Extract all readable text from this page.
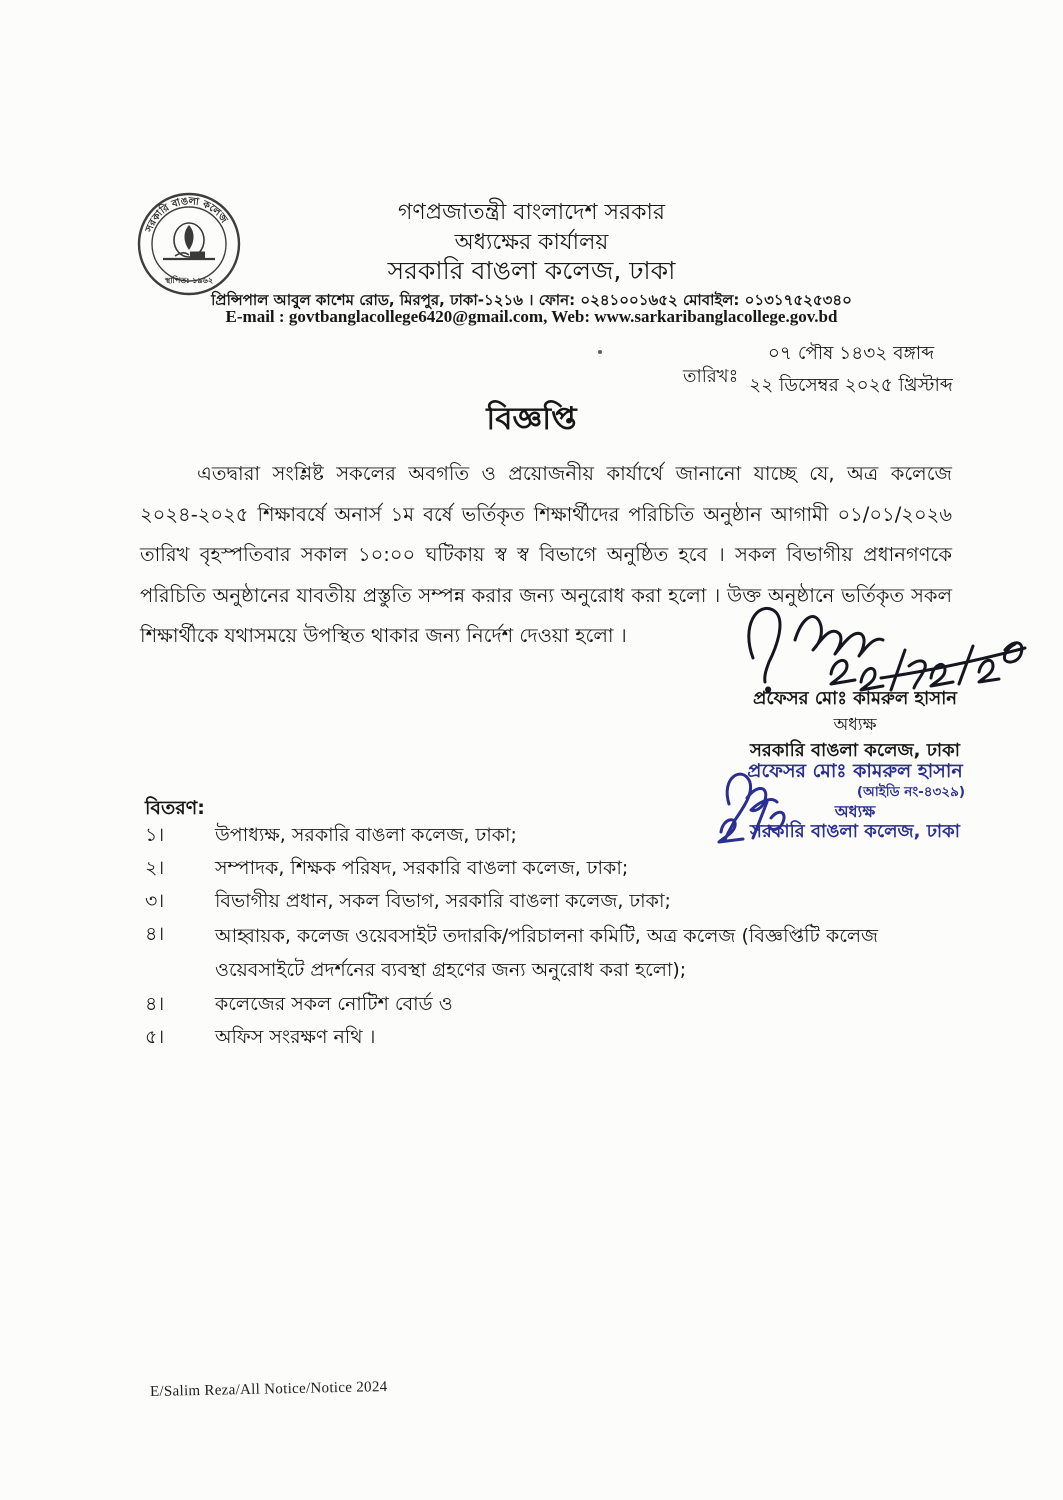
সরকারি বাঙলা কলেজ
স্থাপিত: ১৯৬২
গণপ্রজাতন্ত্রী বাংলাদেশ সরকার
অধ্যক্ষের কার্যালয়
সরকারি বাঙলা কলেজ, ঢাকা
প্রিন্সিপাল আবুল কাশেম রোড, মিরপুর, ঢাকা-১২১৬ । ফোন: ০২৪১০০১৬৫২ মোবাইল: ০১৩১৭৫২৫৩৪০
E-mail : govtbanglacollege6420@gmail.com, Web: www.sarkaribanglacollege.gov.bd
তারিখঃ
০৭ পৌষ ১৪৩২ বঙ্গাব্দ
২২ ডিসেম্বর ২০২৫ খ্রিস্টাব্দ
বিজ্ঞপ্তি
এতদ্বারা সংশ্লিষ্ট সকলের অবগতি ও প্রয়োজনীয় কার্যার্থে জানানো যাচ্ছে যে, অত্র কলেজে ২০২৪-২০২৫ শিক্ষাবর্ষে অনার্স ১ম বর্ষে ভর্তিকৃত শিক্ষার্থীদের পরিচিতি অনুষ্ঠান আগামী ০১/০১/২০২৬ তারিখ বৃহস্পতিবার সকাল ১০:০০ ঘটিকায় স্ব স্ব বিভাগে অনুষ্ঠিত হবে । সকল বিভাগীয় প্রধানগণকে পরিচিতি অনুষ্ঠানের যাবতীয় প্রস্তুতি সম্পন্ন করার জন্য অনুরোধ করা হলো । উক্ত অনুষ্ঠানে ভর্তিকৃত সকল শিক্ষার্থীকে যথাসময়ে উপস্থিত থাকার জন্য নির্দেশ দেওয়া হলো ।
প্রফেসর মোঃ কামরুল হাসান
অধ্যক্ষ
সরকারি বাঙলা কলেজ, ঢাকা
প্রফেসর মোঃ কামরুল হাসান
(আইডি নং-৪৩২৯)
অধ্যক্ষ
সরকারি বাঙলা কলেজ, ঢাকা
বিতরণ:
১।	উপাধ্যক্ষ, সরকারি বাঙলা কলেজ, ঢাকা;
২।	সম্পাদক, শিক্ষক পরিষদ, সরকারি বাঙলা কলেজ, ঢাকা;
৩।	বিভাগীয় প্রধান, সকল বিভাগ, সরকারি বাঙলা কলেজ, ঢাকা;
৪।	আহ্বায়ক, কলেজ ওয়েবসাইট তদারকি/পরিচালনা কমিটি, অত্র কলেজ (বিজ্ঞপ্তিটি কলেজ ওয়েবসাইটে প্রদর্শনের ব্যবস্থা গ্রহণের জন্য অনুরোধ করা হলো);
৪।	কলেজের সকল নোটিশ বোর্ড ও
৫।	অফিস সংরক্ষণ নথি ।
E/Salim Reza/All Notice/Notice 2024
